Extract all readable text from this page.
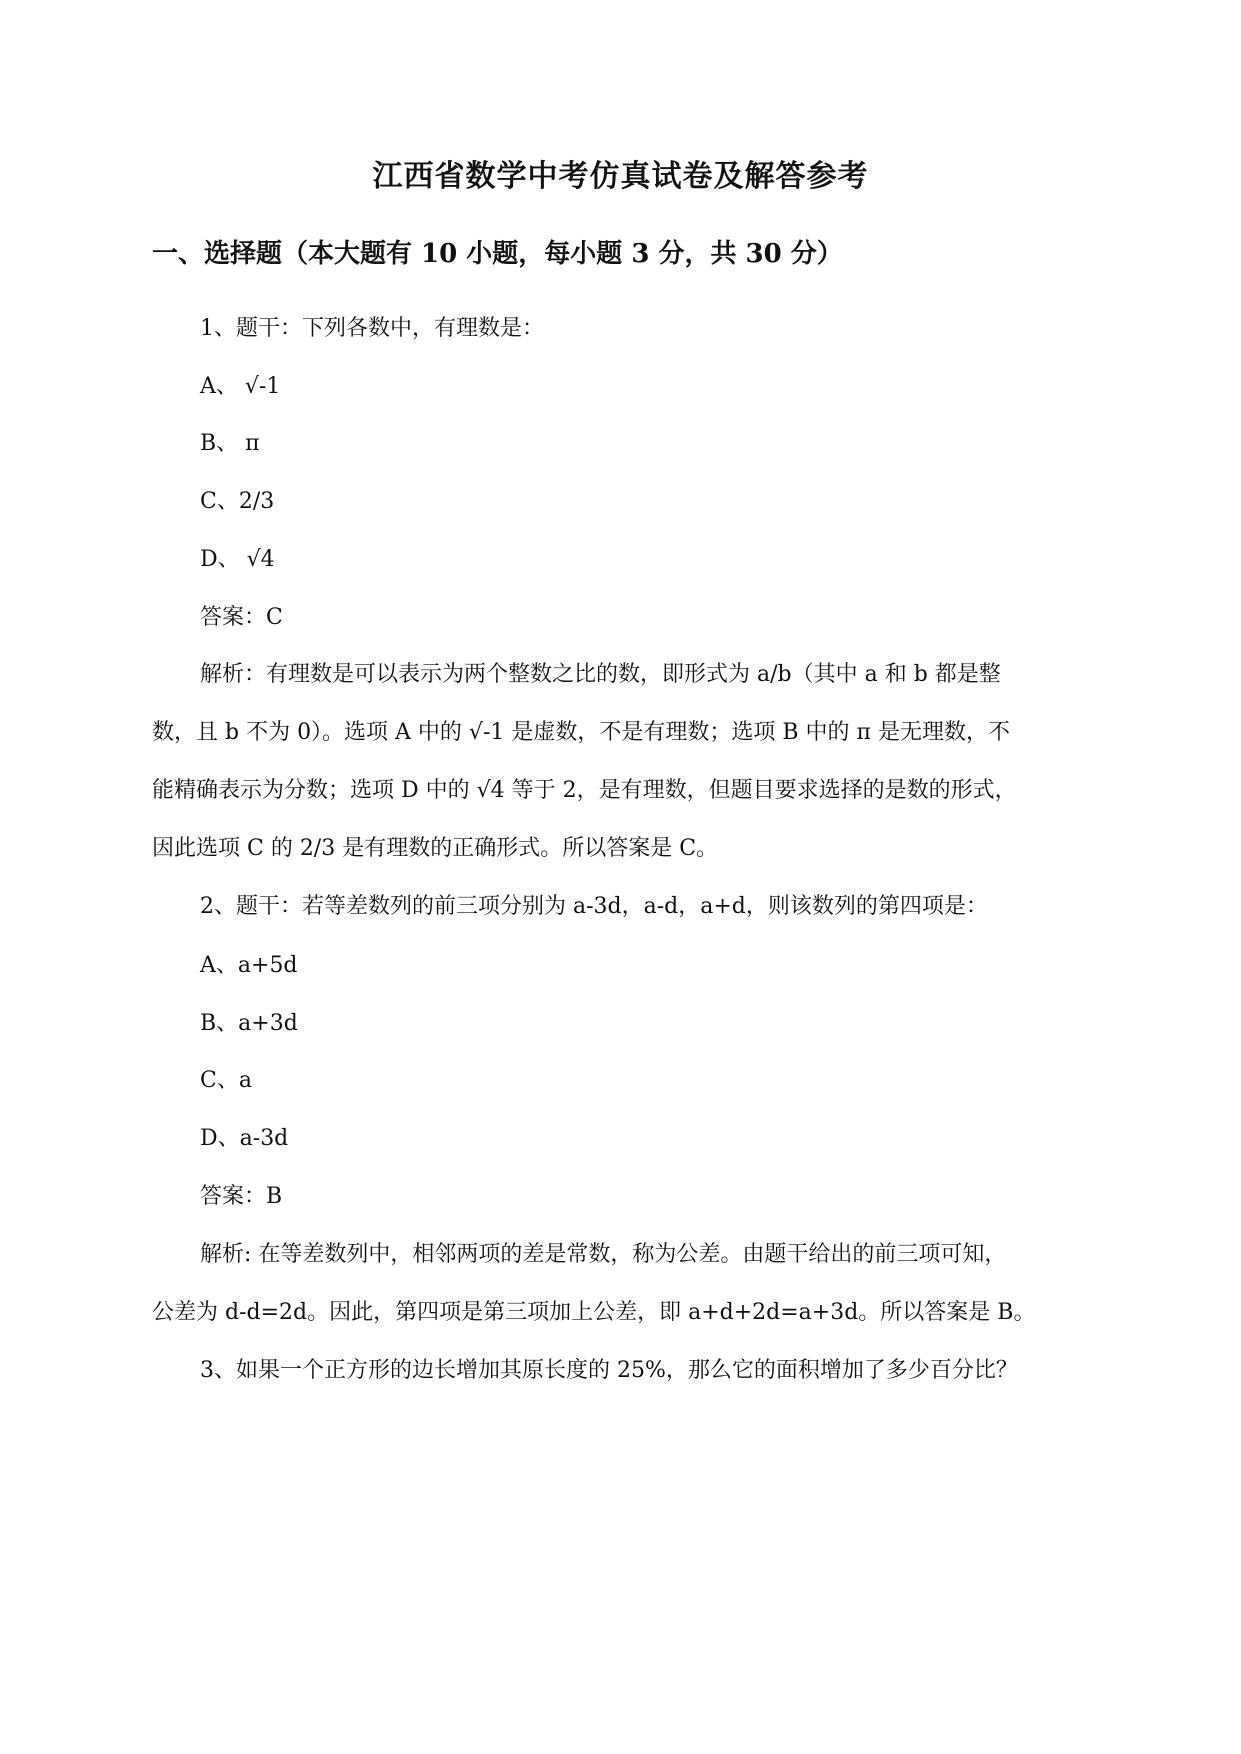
江西省数学中考仿真试卷及解答参考
一、选择题（本大题有 10 小题，每小题 3 分，共 30 分）
1、题干：下列各数中，有理数是：
A、 √-1
B、 π
C、2/3
D、 √4
答案：C
解析：有理数是可以表示为两个整数之比的数，即形式为 a/b（其中 a 和 b 都是整
数，且 b 不为 0）。选项 A 中的 √-1 是虚数，不是有理数；选项 B 中的 π 是无理数，不
能精确表示为分数；选项 D 中的 √4 等于 2，是有理数，但题目要求选择的是数的形式，
因此选项 C 的 2/3 是有理数的正确形式。所以答案是 C。
2、题干：若等差数列的前三项分别为 a-3d，a-d，a+d，则该数列的第四项是：
A、a+5d
B、a+3d
C、a
D、a-3d
答案：B
解析: 在等差数列中，相邻两项的差是常数，称为公差。由题干给出的前三项可知，
公差为 d-d=2d。因此，第四项是第三项加上公差，即 a+d+2d=a+3d。所以答案是 B。
3、如果一个正方形的边长增加其原长度的 25%，那么它的面积增加了多少百分比？
